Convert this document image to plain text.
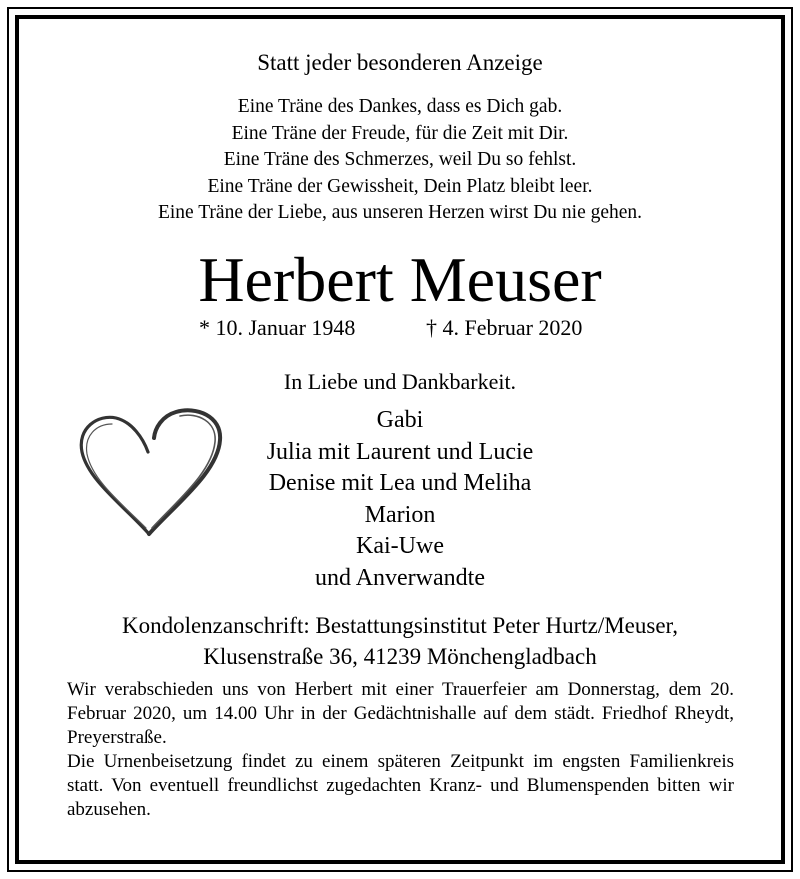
Statt jeder besonderen Anzeige
Eine Träne des Dankes, dass es Dich gab.
Eine Träne der Freude, für die Zeit mit Dir.
Eine Träne des Schmerzes, weil Du so fehlst.
Eine Träne der Gewissheit, Dein Platz bleibt leer.
Eine Träne der Liebe, aus unseren Herzen wirst Du nie gehen.
Herbert Meuser
* 10. Januar 1948	† 4. Februar 2020
In Liebe und Dankbarkeit.
Gabi
Julia mit Laurent und Lucie
Denise mit Lea und Meliha
Marion
Kai-Uwe
und Anverwandte
Kondolenzanschrift: Bestattungsinstitut Peter Hurtz/Meuser,
Klusenstraße 36, 41239 Mönchengladbach

Wir verabschieden uns von Herbert mit einer Trauerfeier am Donnerstag, dem 20. Februar 2020, um 14.00 Uhr in der Gedächtnishalle auf dem städt. Friedhof Rheydt, Preyerstraße.

Die Urnenbeisetzung findet zu einem späteren Zeitpunkt im engsten Familienkreis statt. Von eventuell freundlichst zugedachten Kranz- und Blumenspenden bitten wir abzusehen.
